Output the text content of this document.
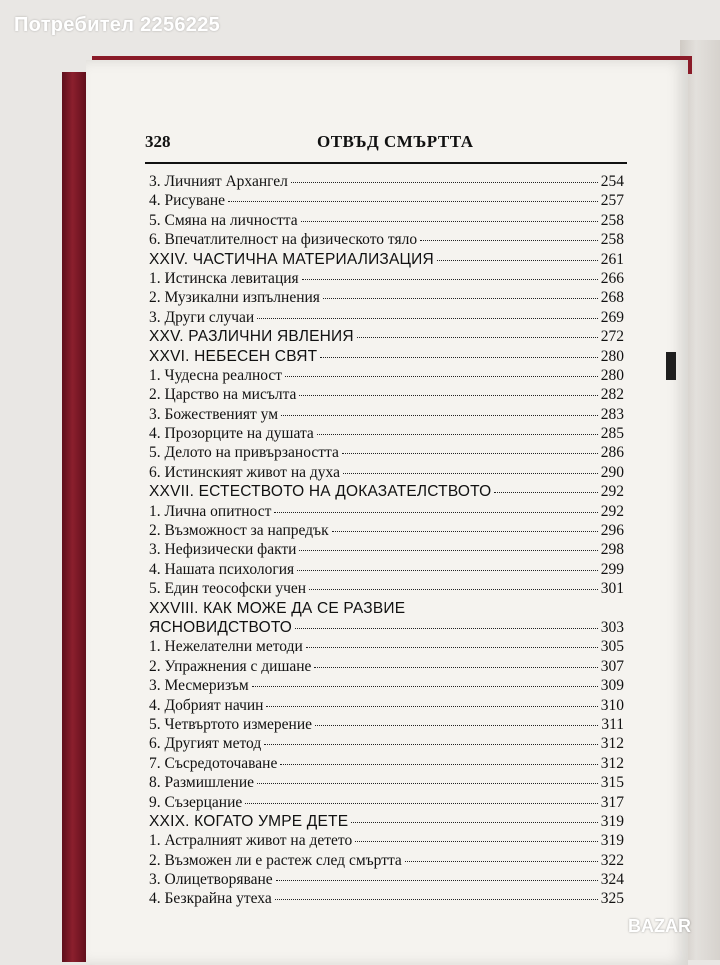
Потребител 2256225
328	ОТВЪД СМЪРТТА
3. Личният Архангел	254
4. Рисуване	257
5. Смяна на личността	258
6. Впечатлителност на физическото тяло	258
XXIV. ЧАСТИЧНА МАТЕРИАЛИЗАЦИЯ	261
1. Истинска левитация	266
2. Музикални изпълнения	268
3. Други случаи	269
XXV. РАЗЛИЧНИ ЯВЛЕНИЯ	272
XXVI. НЕБЕСЕН СВЯТ	280
1. Чудесна реалност	280
2. Царство на мисълта	282
3. Божественият ум	283
4. Прозорците на душата	285
5. Делото на привързаността	286
6. Истинският живот на духа	290
XXVII. ЕСТЕСТВОТО НА ДОКАЗАТЕЛСТВОТО	292
1. Лична опитност	292
2. Възможност за напредък	296
3. Нефизически факти	298
4. Нашата психология	299
5. Един теософски учен	301
XXVIII. КАК МОЖЕ ДА СЕ РАЗВИЕ
ЯСНОВИДСТВОТО	303
1. Нежелателни методи	305
2. Упражнения с дишане	307
3. Месмеризъм	309
4. Добрият начин	310
5. Четвъртото измерение	311
6. Другият метод	312
7. Съсредоточаване	312
8. Размишление	315
9. Съзерцание	317
XXIX. КОГАТО УМРЕ ДЕТЕ	319
1. Астралният живот на детето	319
2. Възможен ли е растеж след смъртта	322
3. Олицетворяване	324
4. Безкрайна утеха	325
BAZAR
